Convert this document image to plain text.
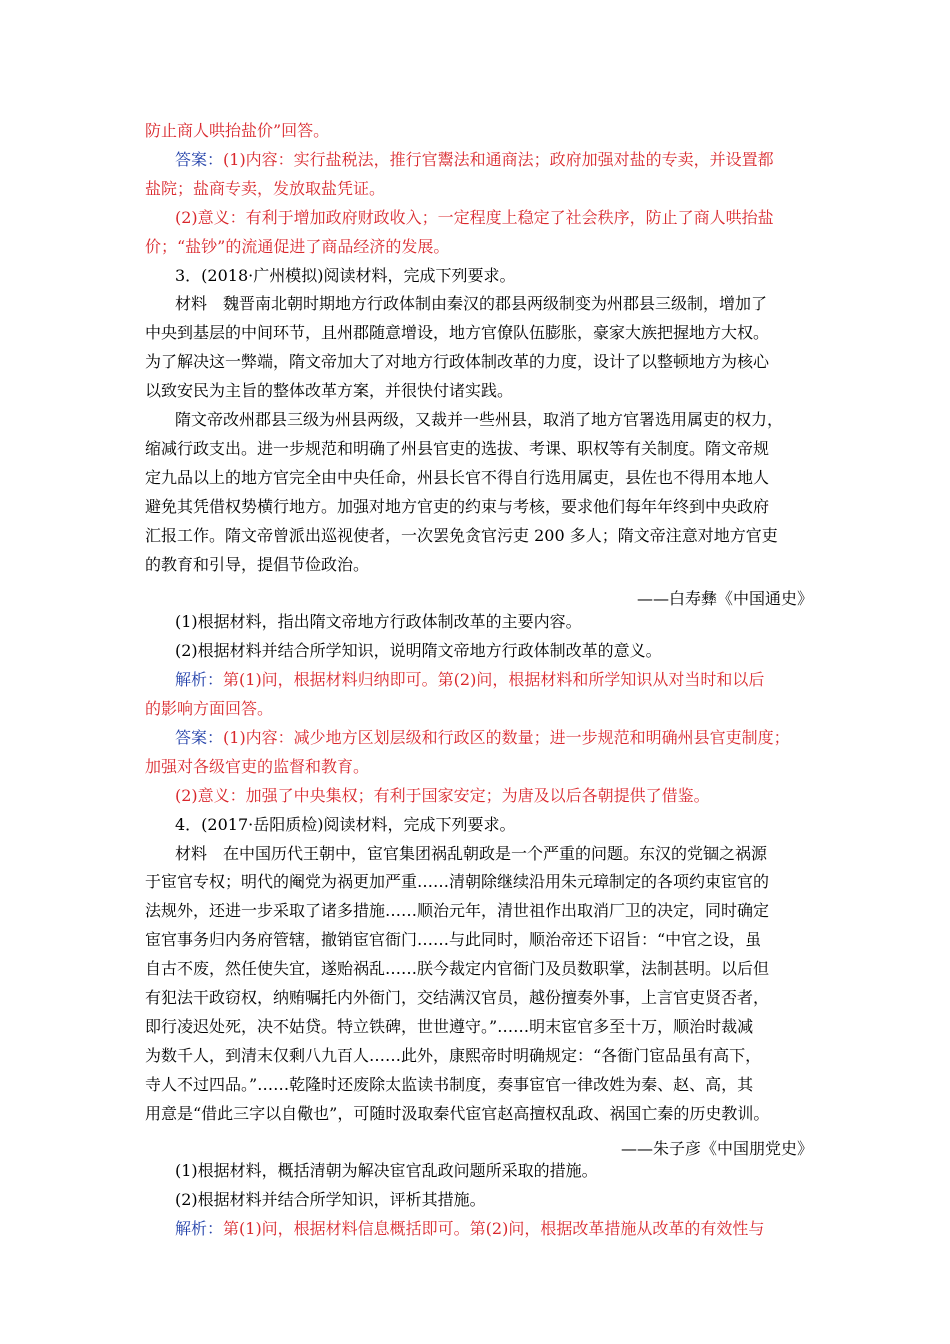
防止商人哄抬盐价”回答。
答案：(1)内容：实行盐税法，推行官鬻法和通商法；政府加强对盐的专卖，并设置都
盐院；盐商专卖，发放取盐凭证。
(2)意义：有利于增加政府财政收入；一定程度上稳定了社会秩序，防止了商人哄抬盐
价；“盐钞”的流通促进了商品经济的发展。
3．(2018·广州模拟)阅读材料，完成下列要求。
材料　魏晋南北朝时期地方行政体制由秦汉的郡县两级制变为州郡县三级制，增加了
中央到基层的中间环节，且州郡随意增设，地方官僚队伍膨胀，豪家大族把握地方大权。
为了解决这一弊端，隋文帝加大了对地方行政体制改革的力度，设计了以整顿地方为核心
以致安民为主旨的整体改革方案，并很快付诸实践。
隋文帝改州郡县三级为州县两级，又裁并一些州县，取消了地方官署选用属吏的权力，
缩减行政支出。进一步规范和明确了州县官吏的选拔、考课、职权等有关制度。隋文帝规
定九品以上的地方官完全由中央任命，州县长官不得自行选用属吏，县佐也不得用本地人
避免其凭借权势横行地方。加强对地方官吏的约束与考核，要求他们每年年终到中央政府
汇报工作。隋文帝曾派出巡视使者，一次罢免贪官污吏 200 多人；隋文帝注意对地方官吏
的教育和引导，提倡节俭政治。
——白寿彝《中国通史》
(1)根据材料，指出隋文帝地方行政体制改革的主要内容。
(2)根据材料并结合所学知识，说明隋文帝地方行政体制改革的意义。
解析：第(1)问，根据材料归纳即可。第(2)问，根据材料和所学知识从对当时和以后
的影响方面回答。
答案：(1)内容：减少地方区划层级和行政区的数量；进一步规范和明确州县官吏制度；
加强对各级官吏的监督和教育。
(2)意义：加强了中央集权；有利于国家安定；为唐及以后各朝提供了借鉴。
4．(2017·岳阳质检)阅读材料，完成下列要求。
材料　在中国历代王朝中，宦官集团祸乱朝政是一个严重的问题。东汉的党锢之祸源
于宦官专权；明代的阉党为祸更加严重……清朝除继续沿用朱元璋制定的各项约束宦官的
法规外，还进一步采取了诸多措施……顺治元年，清世祖作出取消厂卫的决定，同时确定
宦官事务归内务府管辖，撤销宦官衙门……与此同时，顺治帝还下诏旨：“中官之设，虽
自古不废，然任使失宜，遂贻祸乱……朕今裁定内官衙门及员数职掌，法制甚明。以后但
有犯法干政窃权，纳贿嘱托内外衙门，交结满汉官员，越份擅奏外事，上言官吏贤否者，
即行凌迟处死，决不姑贷。特立铁碑，世世遵守。”……明末宦官多至十万，顺治时裁减
为数千人，到清末仅剩八九百人……此外，康熙帝时明确规定：“各衙门宦品虽有高下，
寺人不过四品。”……乾隆时还废除太监读书制度，奏事宦官一律改姓为秦、赵、高，其
用意是“借此三字以自儆也”，可随时汲取秦代宦官赵高擅权乱政、祸国亡秦的历史教训。
——朱子彦《中国朋党史》
(1)根据材料，概括清朝为解决宦官乱政问题所采取的措施。
(2)根据材料并结合所学知识，评析其措施。
解析：第(1)问，根据材料信息概括即可。第(2)问，根据改革措施从改革的有效性与
